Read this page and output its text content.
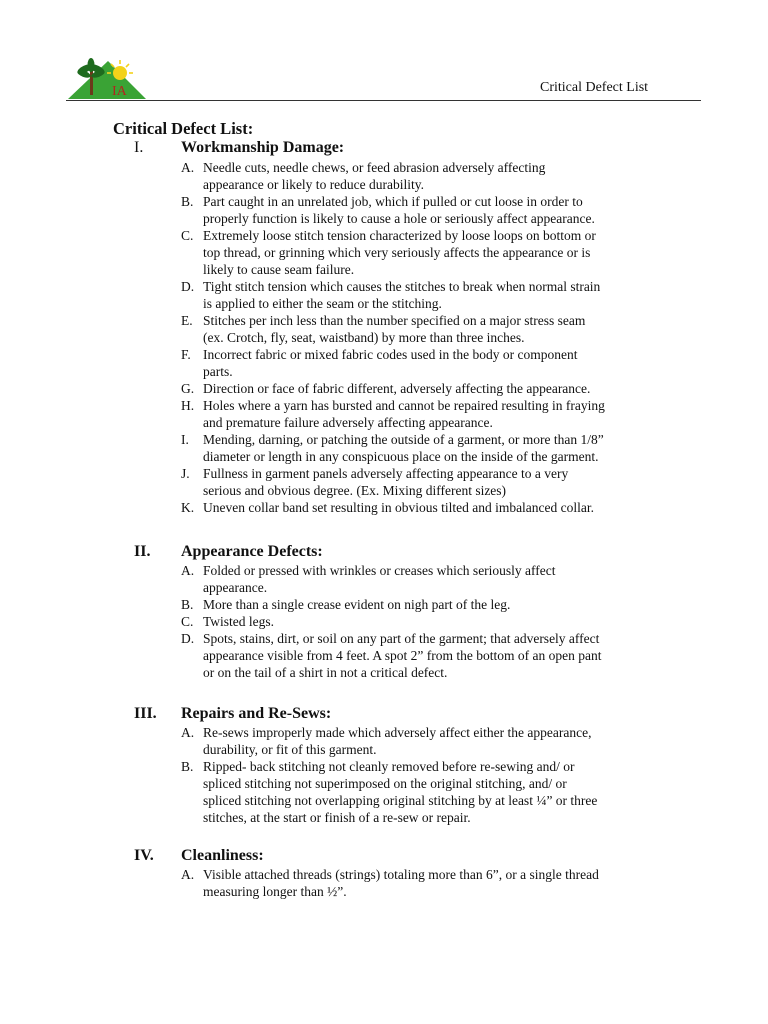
IA	Critical Defect List
Critical Defect List:
I. Workmanship Damage:
A. Needle cuts, needle chews, or feed abrasion adversely affecting
appearance or likely to reduce durability.
B. Part caught in an unrelated job, which if pulled or cut loose in order to
properly function is likely to cause a hole or seriously affect appearance.
C. Extremely loose stitch tension characterized by loose loops on bottom or
top thread, or grinning which very seriously affects the appearance or is
likely to cause seam failure.
D. Tight stitch tension which causes the stitches to break when normal strain
is applied to either the seam or the stitching.
E. Stitches per inch less than the number specified on a major stress seam
(ex. Crotch, fly, seat, waistband) by more than three inches.
F. Incorrect fabric or mixed fabric codes used in the body or component
parts.
G. Direction or face of fabric different, adversely affecting the appearance.
H. Holes where a yarn has bursted and cannot be repaired resulting in fraying
and premature failure adversely affecting appearance.
I. Mending, darning, or patching the outside of a garment, or more than 1/8”
diameter or length in any conspicuous place on the inside of the garment.
J. Fullness in garment panels adversely affecting appearance to a very
serious and obvious degree. (Ex. Mixing different sizes)
K. Uneven collar band set resulting in obvious tilted and imbalanced collar.
II. Appearance Defects:
A. Folded or pressed with wrinkles or creases which seriously affect
appearance.
B. More than a single crease evident on nigh part of the leg.
C. Twisted legs.
D. Spots, stains, dirt, or soil on any part of the garment; that adversely affect
appearance visible from 4 feet. A spot 2” from the bottom of an open pant
or on the tail of a shirt in not a critical defect.
III. Repairs and Re-Sews:
A. Re-sews improperly made which adversely affect either the appearance,
durability, or fit of this garment.
B. Ripped- back stitching not cleanly removed before re-sewing and/ or
spliced stitching not superimposed on the original stitching, and/ or
spliced stitching not overlapping original stitching by at least ¼” or three
stitches, at the start or finish of a re-sew or repair.
IV. Cleanliness:
A. Visible attached threads (strings) totaling more than 6”, or a single thread
measuring longer than ½”.
